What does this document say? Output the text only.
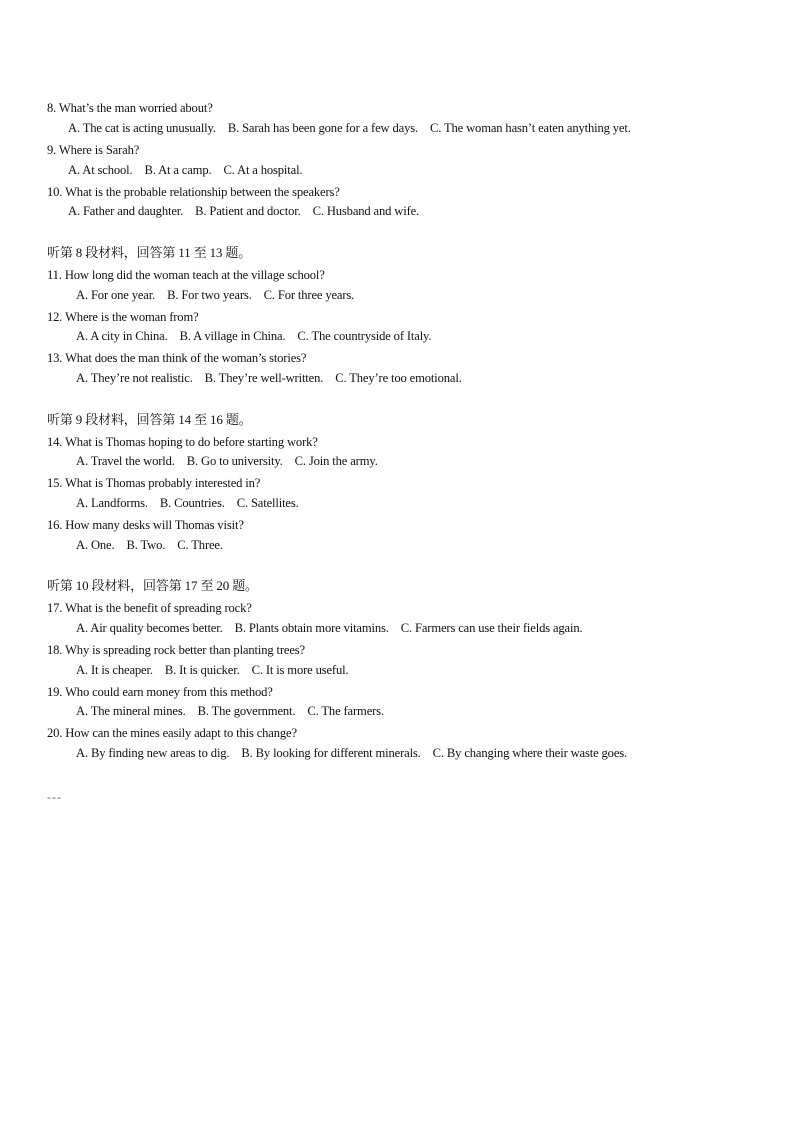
8. What’s the man worried about?
A. The cat is acting unusually.    B. Sarah has been gone for a few days.    C. The woman hasn’t eaten anything yet.
9. Where is Sarah?
A. At school.    B. At a camp.    C. At a hospital.
10. What is the probable relationship between the speakers?
A. Father and daughter.    B. Patient and doctor.    C. Husband and wife.
听第 8 段材料，回答第 11 至 13 题。
11. How long did the woman teach at the village school?
A. For one year.    B. For two years.    C. For three years.
12. Where is the woman from?
A. A city in China.    B. A village in China.    C. The countryside of Italy.
13. What does the man think of the woman’s stories?
A. They’re not realistic.    B. They’re well-written.    C. They’re too emotional.
听第 9 段材料，回答第 14 至 16 题。
14. What is Thomas hoping to do before starting work?
A. Travel the world.    B. Go to university.    C. Join the army.
15. What is Thomas probably interested in?
A. Landforms.    B. Countries.    C. Satellites.
16. How many desks will Thomas visit?
A. One.    B. Two.    C. Three.
听第 10 段材料，回答第 17 至 20 题。
17. What is the benefit of spreading rock?
A. Air quality becomes better.    B. Plants obtain more vitamins.    C. Farmers can use their fields again.
18. Why is spreading rock better than planting trees?
A. It is cheaper.    B. It is quicker.    C. It is more useful.
19. Who could earn money from this method?
A. The mineral mines.    B. The government.    C. The farmers.
20. How can the mines easily adapt to this change?
A. By finding new areas to dig.    B. By looking for different minerals.    C. By changing where their waste goes.
---
